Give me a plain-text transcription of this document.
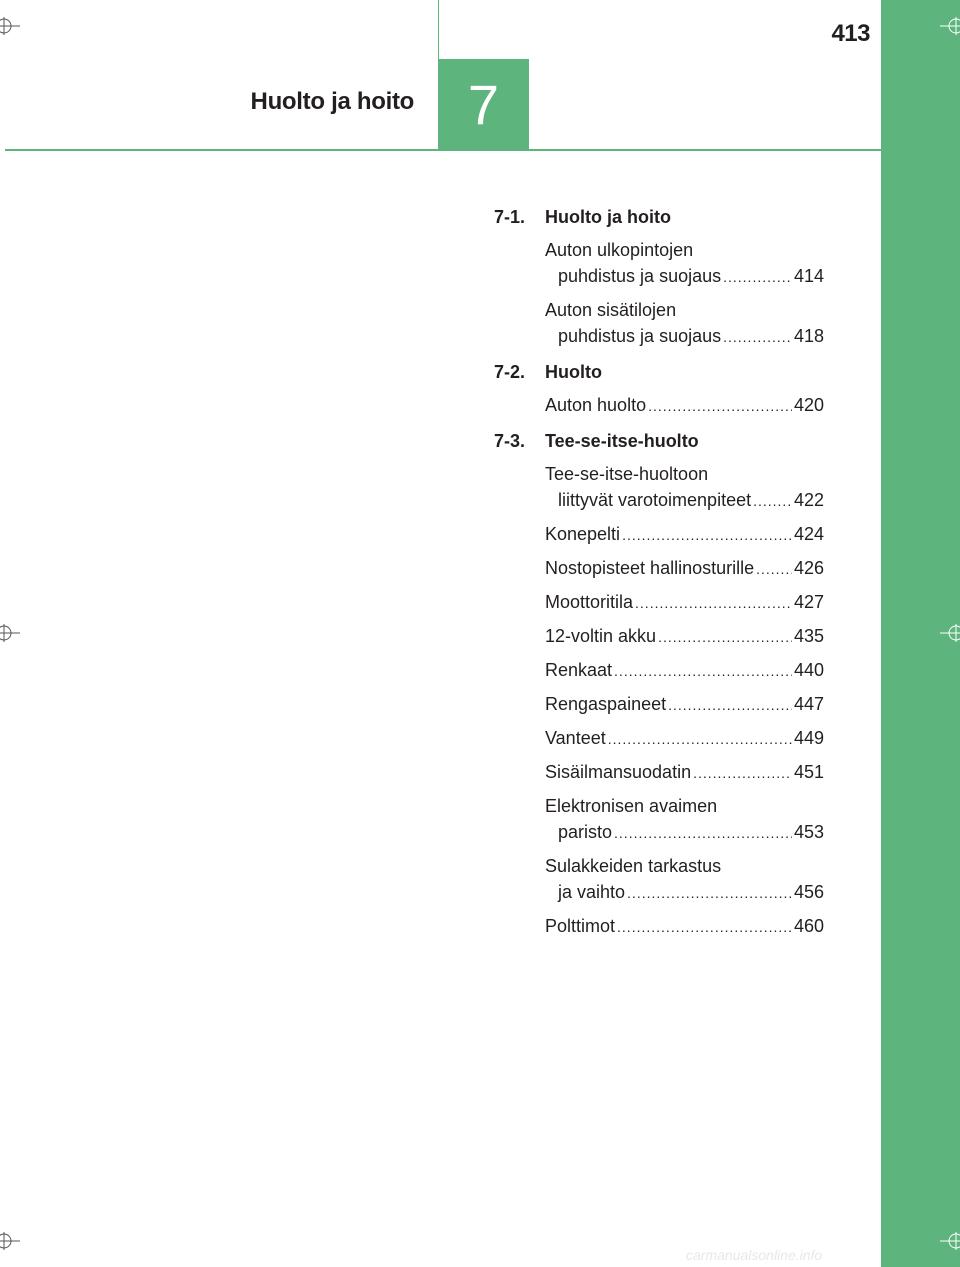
413
Huolto ja hoito 7
7-1.	Huolto ja hoito
Auton ulkopintojen
puhdistus ja suojaus .....	414
Auton sisätilojen
puhdistus ja suojaus .....	418
7-2.	Huolto
Auton huolto .....	420
7-3.	Tee-se-itse-huolto
Tee-se-itse-huoltoon
liittyvät varotoimenpiteet ..... 422
Konepelti .....	424
Nostopisteet hallinosturille ..... 426
Moottoritila .....	427
12-voltin akku .....	435
Renkaat .....	440
Rengaspaineet .....	447
Vanteet .....	449
Sisäilmansuodatin .....	451
Elektronisen avaimen
paristo .....	453
Sulakkeiden tarkastus
ja vaihto .....	456
Polttimot .....	460
carmanualsonline.info
